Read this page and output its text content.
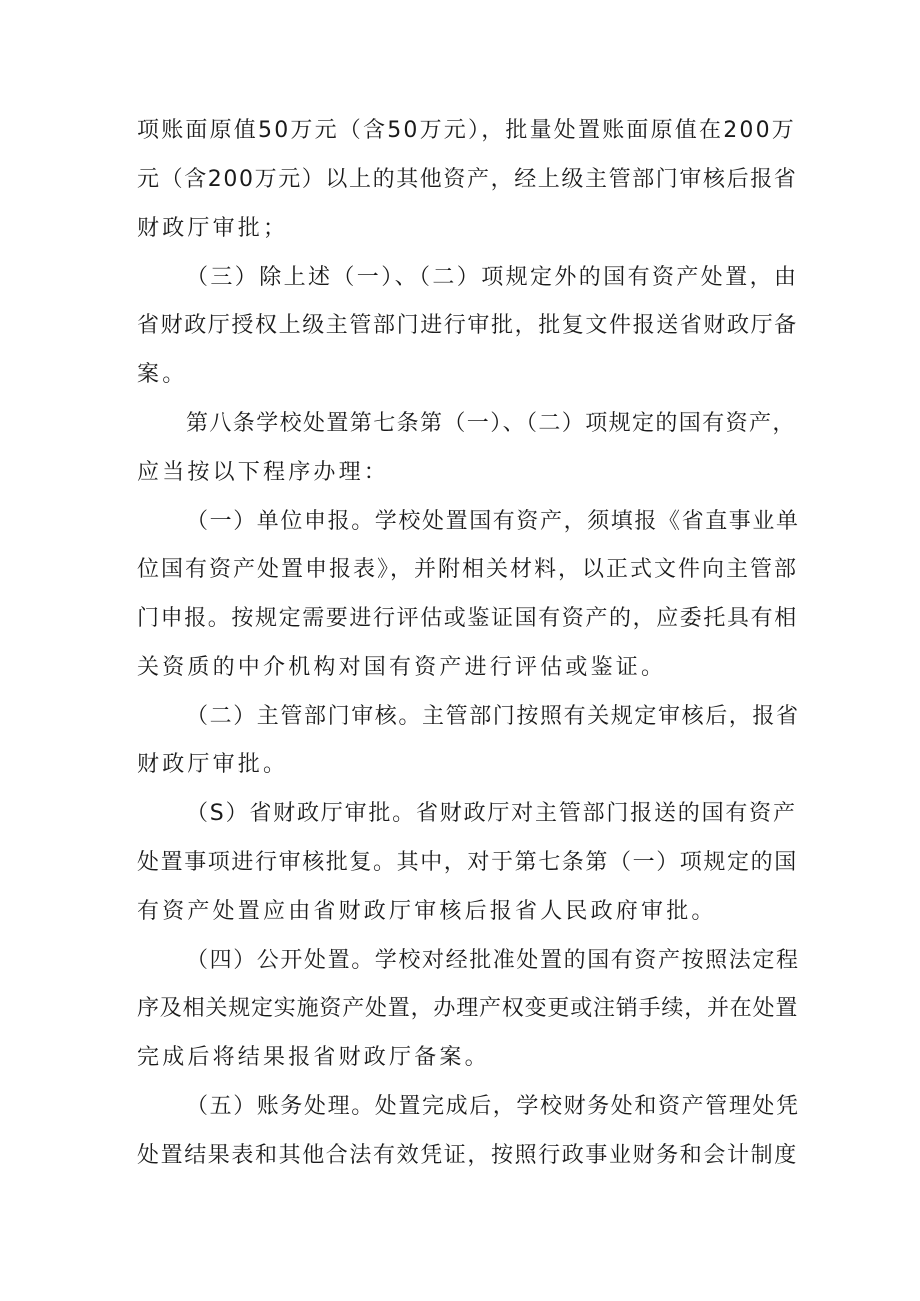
项账面原值50万元（含50万元），批量处置账面原值在200万
元（含200万元）以上的其他资产，经上级主管部门审核后报省
财政厅审批；
（三）除上述（一）、（二）项规定外的国有资产处置，由
省财政厅授权上级主管部门进行审批，批复文件报送省财政厅备
案。
第八条学校处置第七条第（一）、（二）项规定的国有资产，
应当按以下程序办理：
（一）单位申报。学校处置国有资产，须填报《省直事业单
位国有资产处置申报表》，并附相关材料，以正式文件向主管部
门申报。按规定需要进行评估或鉴证国有资产的，应委托具有相
关资质的中介机构对国有资产进行评估或鉴证。
（二）主管部门审核。主管部门按照有关规定审核后，报省
财政厅审批。
（S）省财政厅审批。省财政厅对主管部门报送的国有资产
处置事项进行审核批复。其中，对于第七条第（一）项规定的国
有资产处置应由省财政厅审核后报省人民政府审批。
（四）公开处置。学校对经批准处置的国有资产按照法定程
序及相关规定实施资产处置，办理产权变更或注销手续，并在处置
完成后将结果报省财政厅备案。
（五）账务处理。处置完成后，学校财务处和资产管理处凭
处置结果表和其他合法有效凭证，按照行政事业财务和会计制度
